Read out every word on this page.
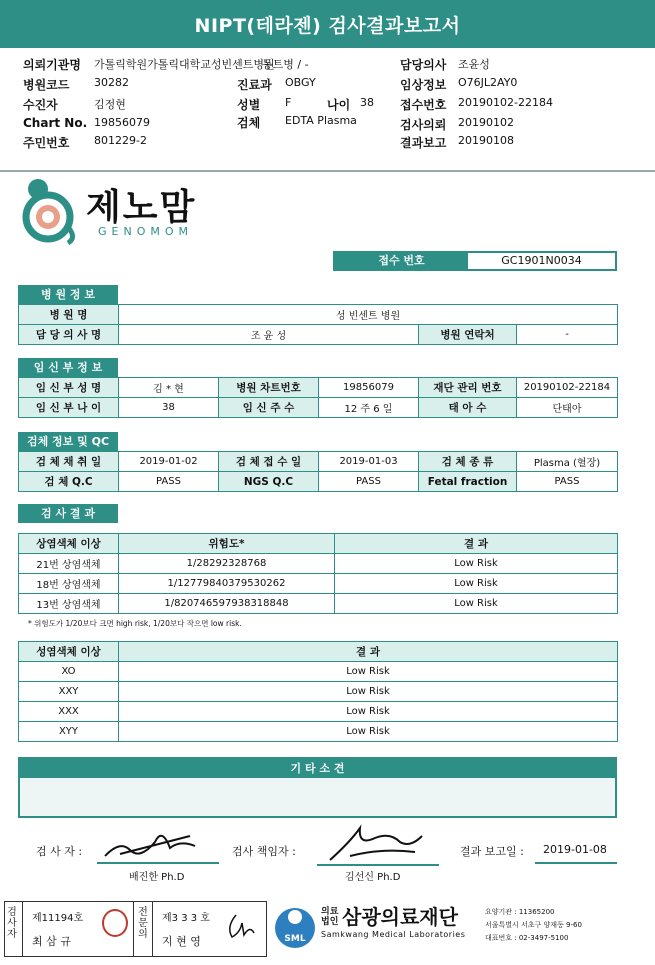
NIPT(테라젠) 검사결과보고서
의뢰기관명 가톨릭학원가톨릭대학교성빈센트병원
동트병 / -	담당의사 조윤성
병원코드 30282	진료과 OBGY	임상정보 O76JL2AY0
수진자	김정현	성별 F	나이 38 접수번호 20190102-22184
Chart No. 19856079	검체 EDTA Plasma	검사의뢰 20190102
주민번호 801229-2	결과보고 20190108
제노맘
GENOMOM
접수 번호	GC1901N0034
병 원 정 보
병 원 명	성 빈센트 병원		
담 당 의 사 명	조 윤 성	병원 연락처	-
임 신 부 정 보
임 신 부 성 명	김 * 현	병원 차트번호	19856079	재단 관리 번호	20190102-22184
임 신 부 나 이	38	임 신 주 수	12 주 6 일	태 아 수	단태아
검체 정보 및 QC
검 체 채 취 일	2019-01-02	검 체 접 수 일	2019-01-03	검 체 종 류	Plasma (혈장)
검 체 Q.C	PASS	NGS Q.C	PASS	Fetal fraction	PASS
검 사 결 과
상염색체 이상	위험도*	결 과
21번 상염색체	1/28292328768	Low Risk
18번 상염색체	1/12779840379530262	Low Risk
13번 상염색체	1/820746597938318848	Low Risk
* 위험도가 1/20보다 크면 high risk, 1/20보다 작으면 low risk.
성염색체 이상	결 과
XO	Low Risk
XXY	Low Risk
XXX	Low Risk
XYY	Low Risk
기 타 소 견
검 사 자 :
배진한 Ph.D
검사 책임자 :
김선신 Ph.D
결과 보고일 : 2019-01-08
검사자
제11194호
최 삼 규
전문의
제3 3 3 호
지 현 영	SML
의료 법인 삼광의료재단
Samkwang Medical Laboratories
요양기관 : 11365200
서울특별시 서초구 양재동 9-60
대표번호 : 02-3497-5100
